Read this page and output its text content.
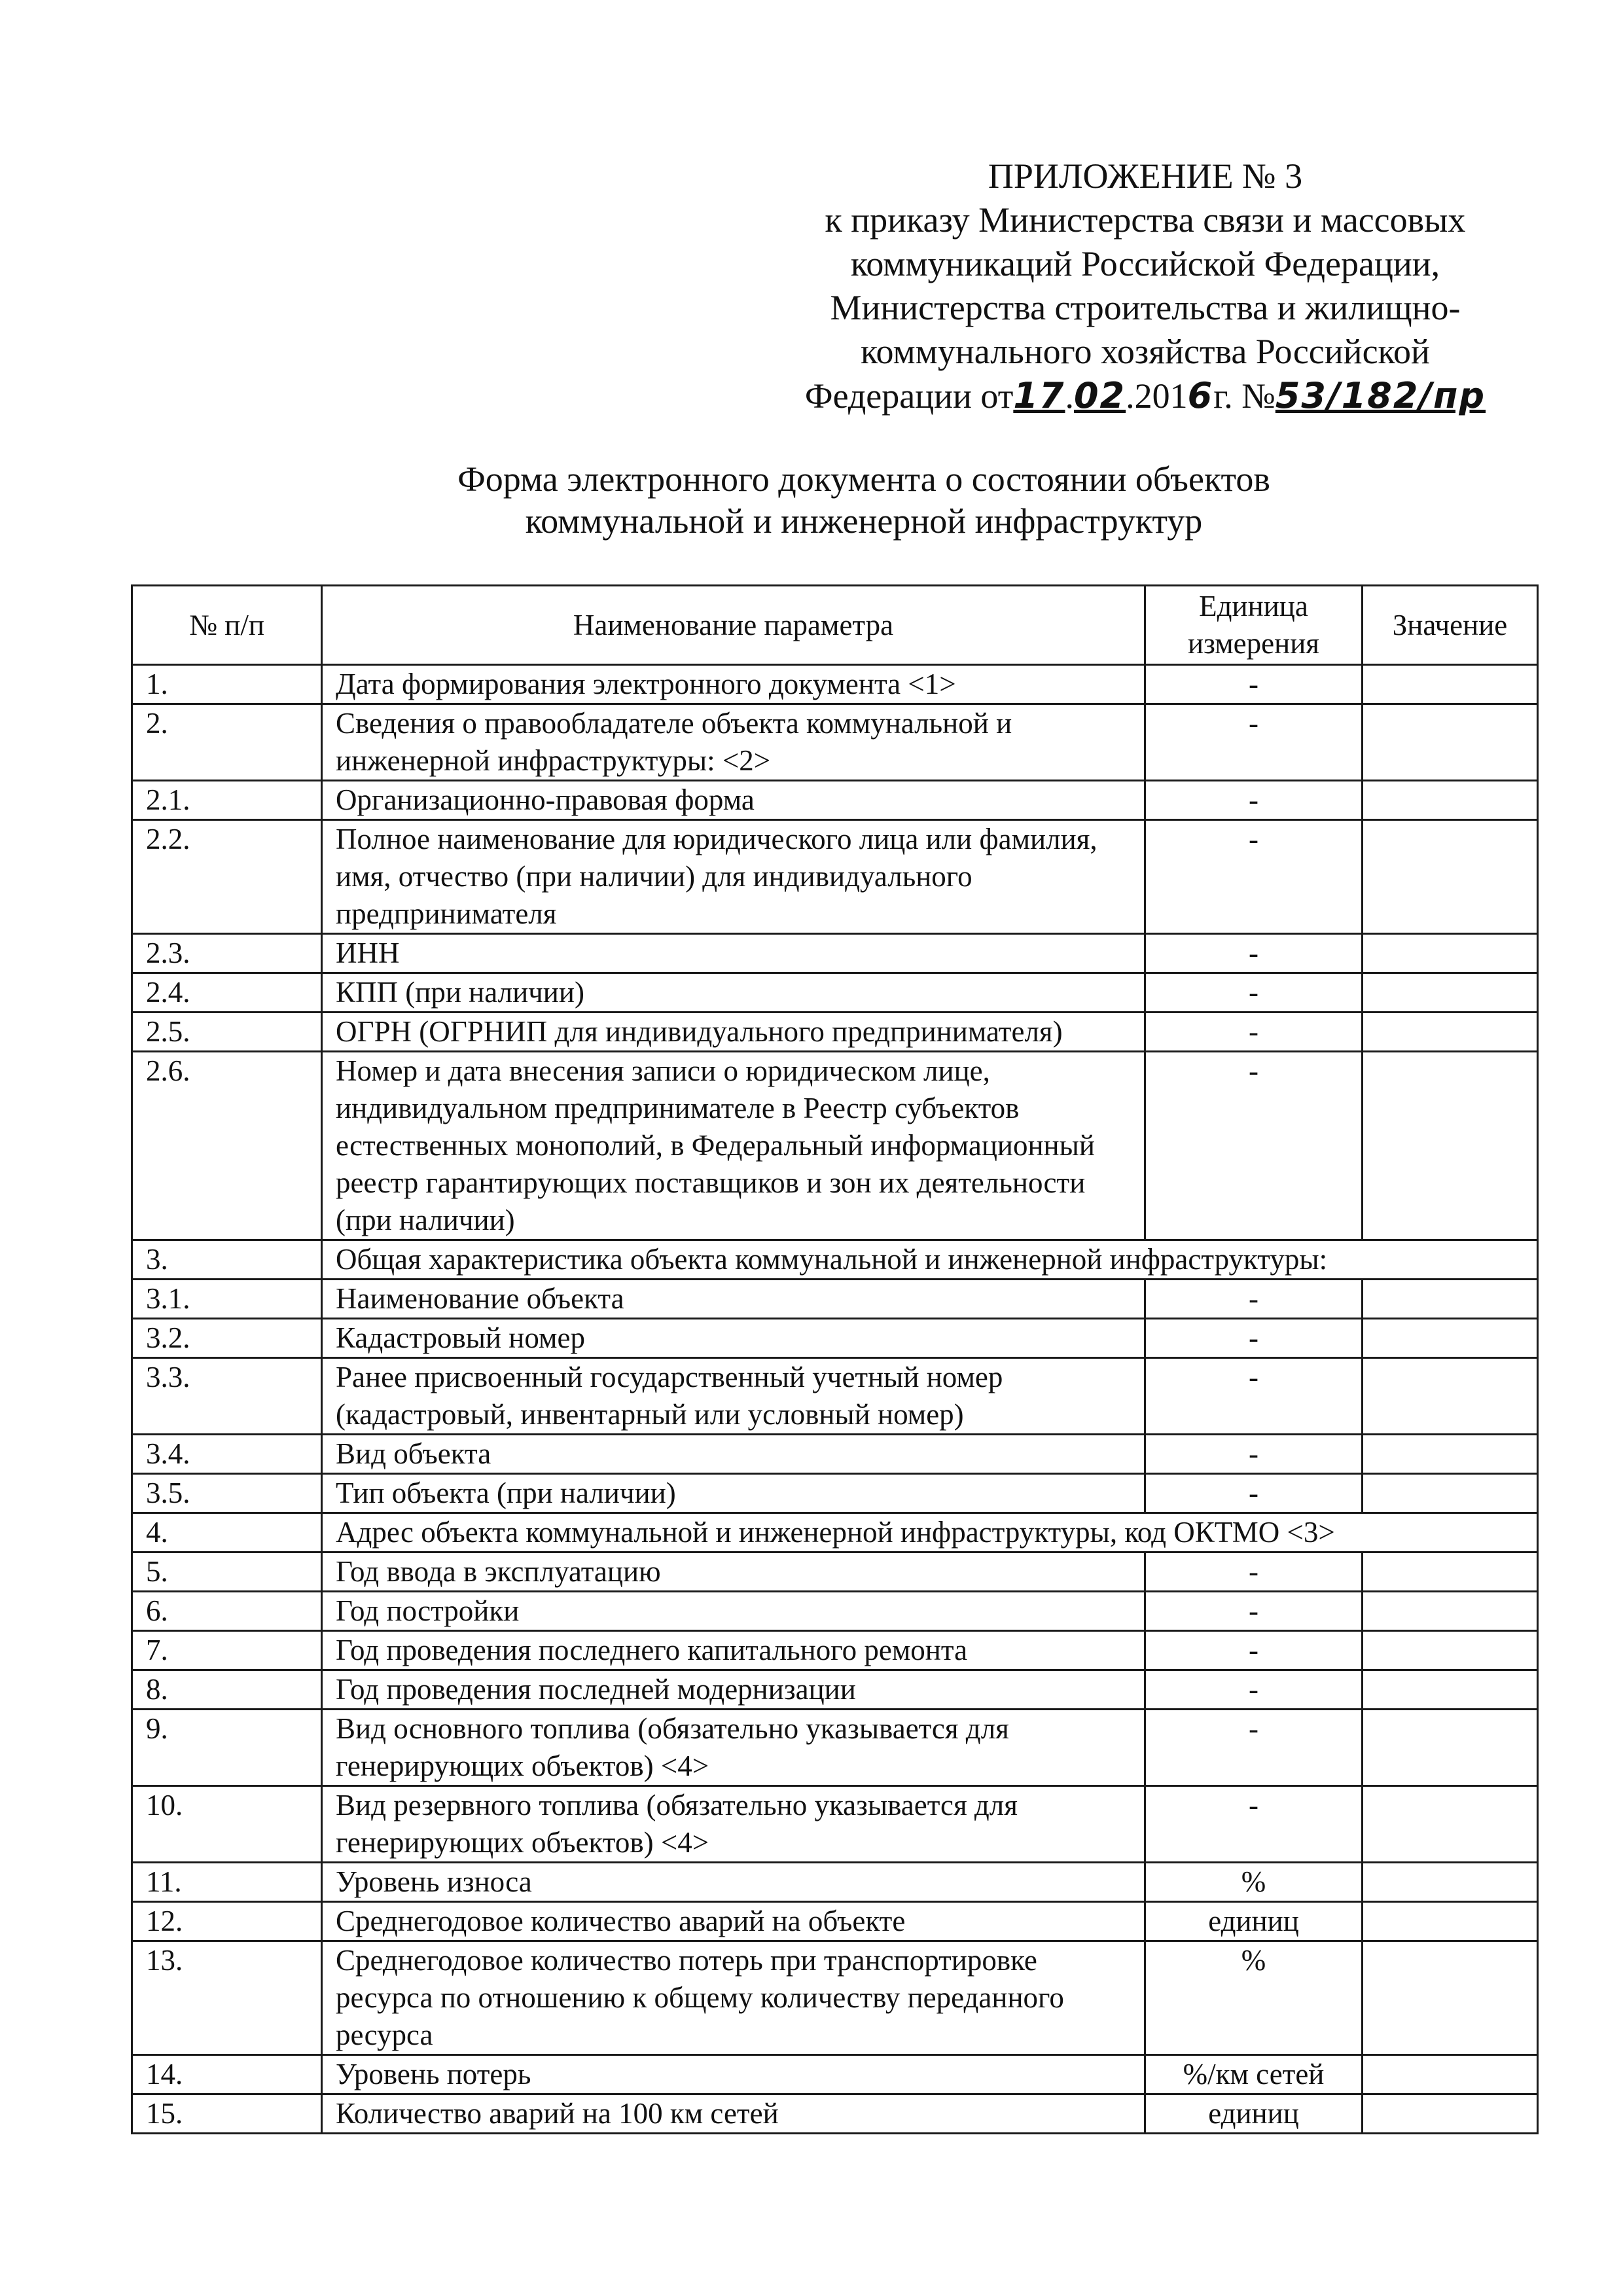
ПРИЛОЖЕНИЕ № 3
к приказу Министерства связи и массовых
коммуникаций Российской Федерации,
Министерства строительства и жилищно-
коммунального хозяйства Российской
Федерации от17.02.2016г. №53/182/пр
Форма электронного документа о состоянии объектов
коммунальной и инженерной инфраструктур
№ п/п	Наименование параметра	Единица измерения	Значение
1.	Дата формирования электронного документа <1>	-	
2.	Сведения о правообладателе объекта коммунальной и инженерной инфраструктуры: <2>	-	
2.1.	Организационно-правовая форма	-	
2.2.	Полное наименование для юридического лица или фамилия, имя, отчество (при наличии) для индивидуального предпринимателя	-	
2.3.	ИНН	-	
2.4.	КПП (при наличии)	-	
2.5.	ОГРН (ОГРНИП для индивидуального предпринимателя)	-	
2.6.	Номер и дата внесения записи о юридическом лице, индивидуальном предпринимателе в Реестр субъектов естественных монополий, в Федеральный информационный реестр гарантирующих поставщиков и зон их деятельности (при наличии)	-	
3.	Общая характеристика объекта коммунальной и инженерной инфраструктуры:		
3.1.	Наименование объекта	-	
3.2.	Кадастровый номер	-	
3.3.	Ранее присвоенный государственный учетный номер (кадастровый, инвентарный или условный номер)	-	
3.4.	Вид объекта	-	
3.5.	Тип объекта (при наличии)	-	
4.	Адрес объекта коммунальной и инженерной инфраструктуры, код ОКТМО <3>		
5.	Год ввода в эксплуатацию	-	
6.	Год постройки	-	
7.	Год проведения последнего капитального ремонта	-	
8.	Год проведения последней модернизации	-	
9.	Вид основного топлива (обязательно указывается для генерирующих объектов) <4>	-	
10.	Вид резервного топлива (обязательно указывается для генерирующих объектов) <4>	-	
11.	Уровень износа	%	
12.	Среднегодовое количество аварий на объекте	единиц	
13.	Среднегодовое количество потерь при транспортировке ресурса по отношению к общему количеству переданного ресурса	%	
14.	Уровень потерь	%/км сетей	
15.	Количество аварий на 100 км сетей	единиц	
